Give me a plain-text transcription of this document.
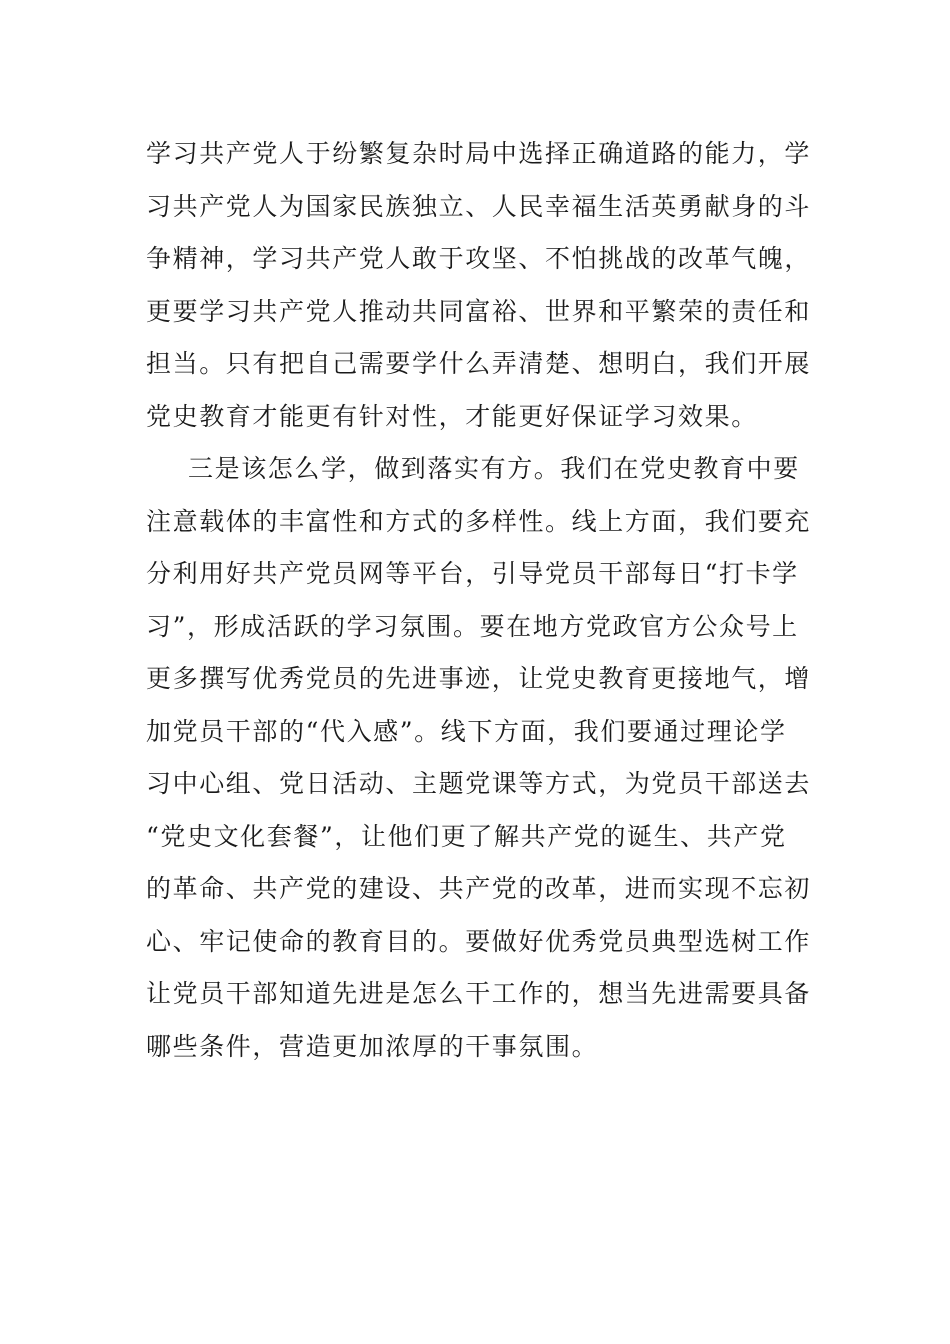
学习共产党人于纷繁复杂时局中选择正确道路的能力，学
习共产党人为国家民族独立、人民幸福生活英勇献身的斗
争精神，学习共产党人敢于攻坚、不怕挑战的改革气魄，
更要学习共产党人推动共同富裕、世界和平繁荣的责任和
担当。只有把自己需要学什么弄清楚、想明白，我们开展
党史教育才能更有针对性，才能更好保证学习效果。
三是该怎么学，做到落实有方。我们在党史教育中要
注意载体的丰富性和方式的多样性。线上方面，我们要充
分利用好共产党员网等平台，引导党员干部每日“打卡学
习”，形成活跃的学习氛围。要在地方党政官方公众号上
更多撰写优秀党员的先进事迹，让党史教育更接地气，增
加党员干部的“代入感”。线下方面，我们要通过理论学
习中心组、党日活动、主题党课等方式，为党员干部送去
“党史文化套餐”，让他们更了解共产党的诞生、共产党
的革命、共产党的建设、共产党的改革，进而实现不忘初
心、牢记使命的教育目的。要做好优秀党员典型选树工作
让党员干部知道先进是怎么干工作的，想当先进需要具备
哪些条件，营造更加浓厚的干事氛围。
